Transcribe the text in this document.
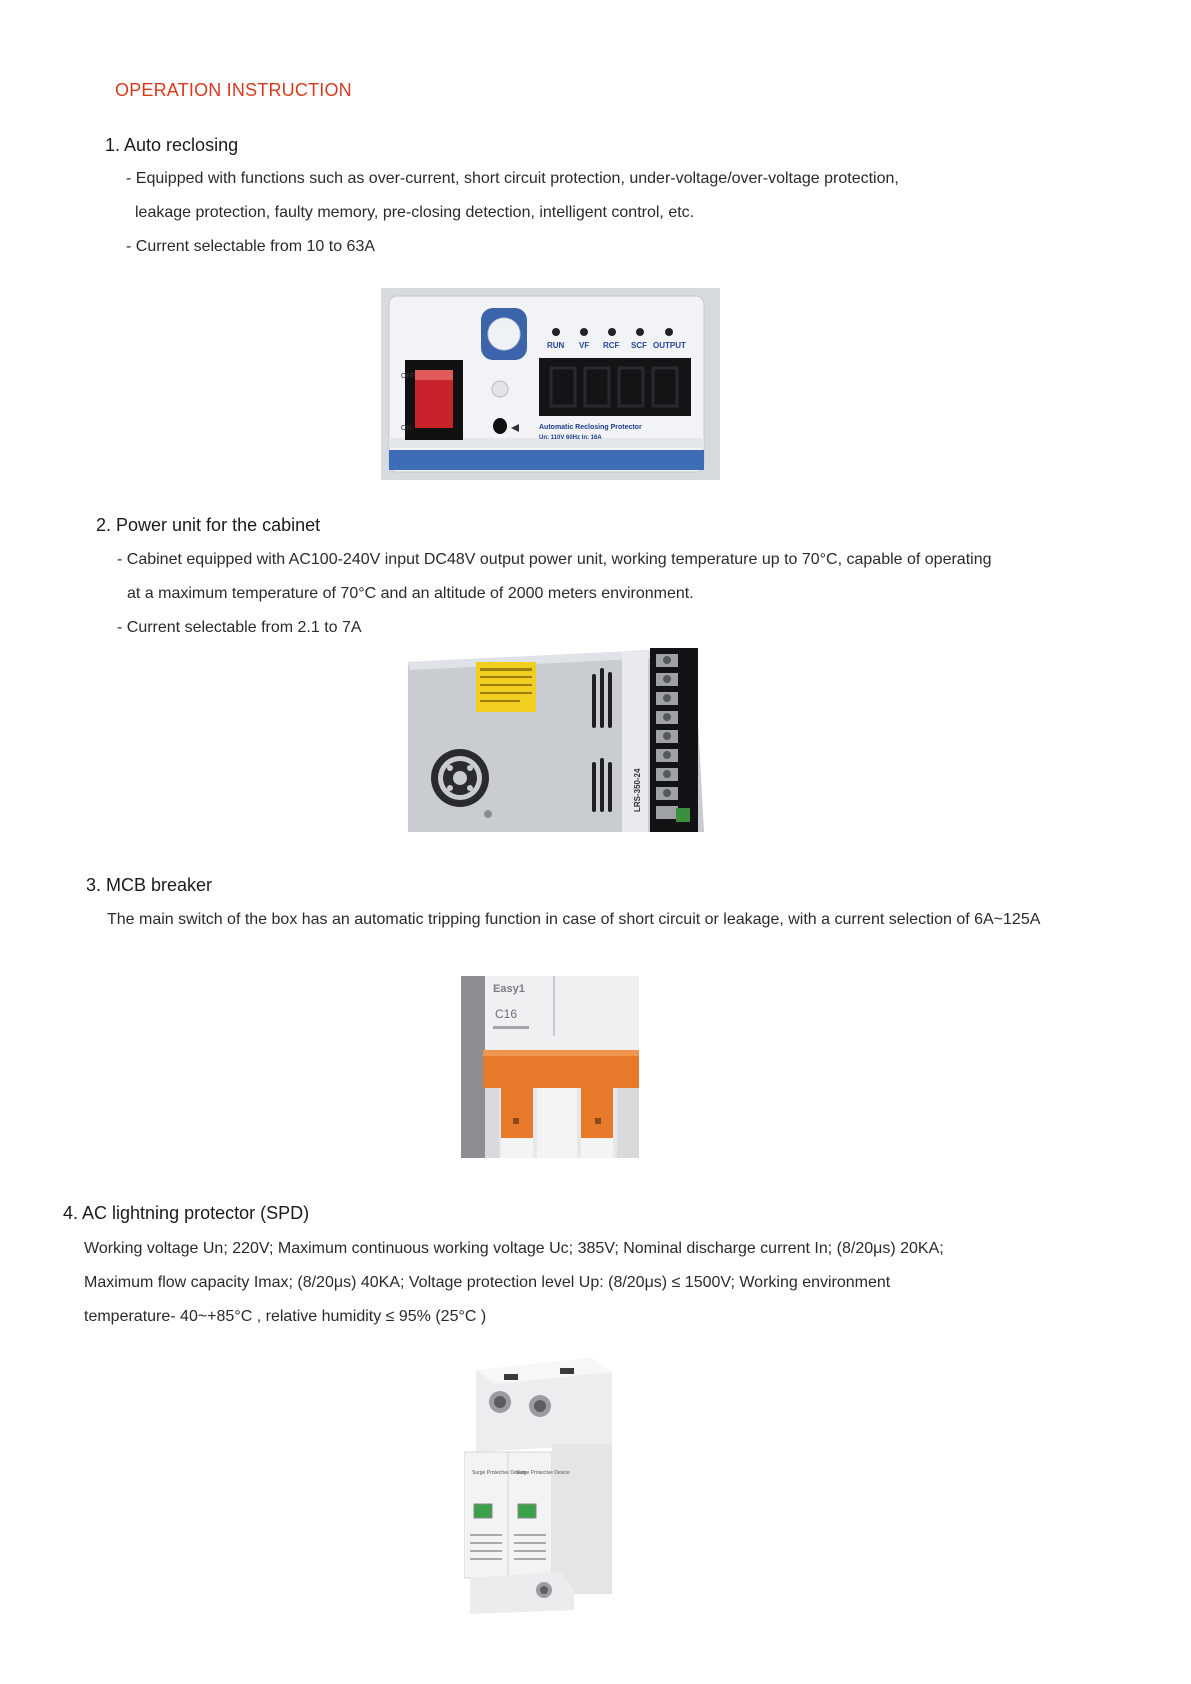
OPERATION INSTRUCTION
1. Auto reclosing
- Equipped with functions such as over-current, short circuit protection, under-voltage/over-voltage protection,
leakage protection, faulty memory, pre-closing detection, intelligent control, etc.
- Current selectable from 10 to 63A
OFF
ON
RUN VF RCF SCF OUTPUT
Automatic Reclosing Protector
Un: 110V 60Hz In: 16A
2. Power unit for the cabinet
- Cabinet equipped with AC100-240V input DC48V output power unit, working temperature up to 70°C, capable of operating
at a maximum temperature of 70°C and an altitude of 2000 meters environment.
- Current selectable from 2.1 to 7A
LRS-350-24
3. MCB breaker
The main switch of the box has an automatic tripping function in case of short circuit or leakage, with a current selection of 6A~125A
Easy1
C16
4. AC lightning protector (SPD)
Working voltage Un; 220V; Maximum continuous working voltage Uc; 385V; Nominal discharge current In; (8/20μs) 20KA;
Maximum flow capacity Imax; (8/20μs) 40KA; Voltage protection level Up: (8/20μs) ≤ 1500V; Working environment
temperature- 40~+85°C , relative humidity ≤ 95% (25°C )
Surge Protective Device
Surge Protective Device
